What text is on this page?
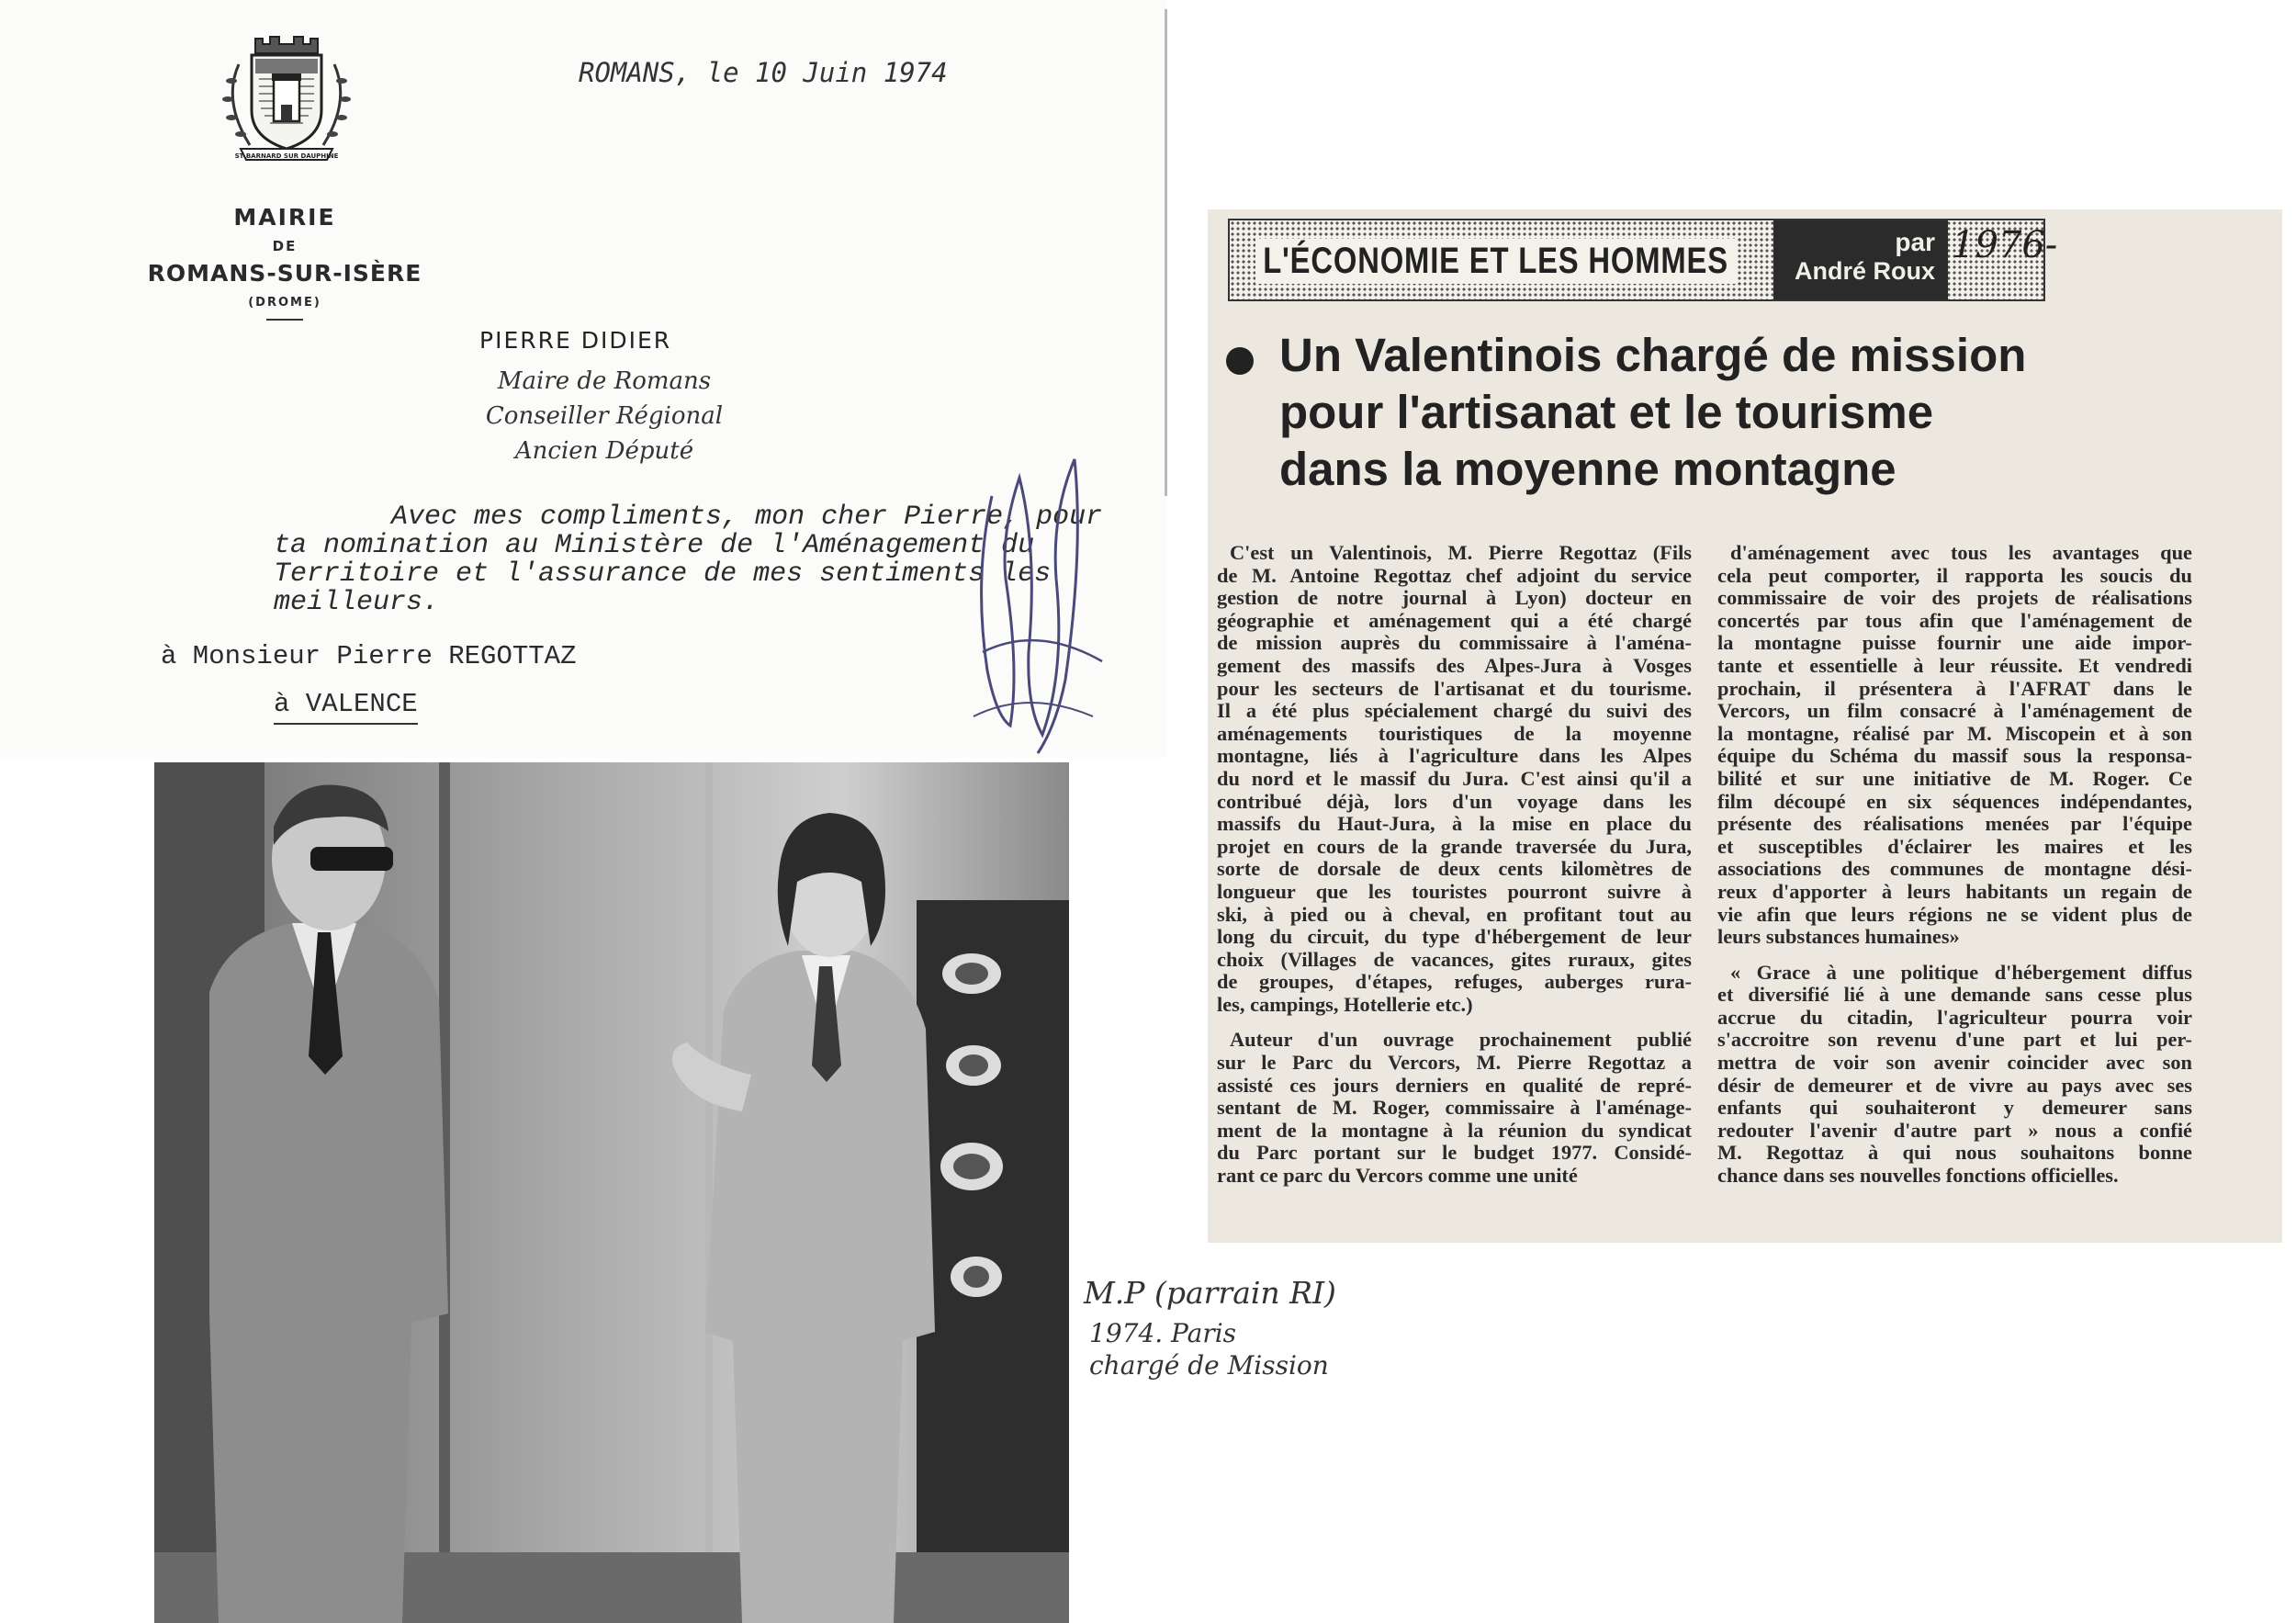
ST BARNARD SUR DAUPHINE
MAIRIE
DE
ROMANS-SUR-ISÈRE
(DROME)
ROMANS, le 10 Juin 1974
PIERRE DIDIER
Maire de Romans
Conseiller Régional
Ancien Député
Avec mes compliments, mon cher Pierre, pour
ta nomination au Ministère de l'Aménagement du
Territoire et l'assurance de mes sentiments les
meilleurs.
à Monsieur Pierre REGOTTAZ
à VALENCE
M.P (parrain RI)
1974. Paris
chargé de Mission
L'ÉCONOMIE ET LES HOMMES	par
André Roux
1976-
Un Valentinois chargé de mission
pour l'artisanat et le tourisme
dans la moyenne montagne
C'est un Valentinois, M. Pierre Regottaz (Fils
de M. Antoine Regottaz chef adjoint du service
gestion de notre journal à Lyon) docteur en
géographie et aménagement qui a été chargé
de mission auprès du commissaire à l'aména-
gement des massifs des Alpes-Jura à Vosges
pour les secteurs de l'artisanat et du tourisme.
Il a été plus spécialement chargé du suivi des
aménagements touristiques de la moyenne
montagne, liés à l'agriculture dans les Alpes
du nord et le massif du Jura. C'est ainsi qu'il a
contribué déjà, lors d'un voyage dans les
massifs du Haut-Jura, à la mise en place du
projet en cours de la grande traversée du Jura,
sorte de dorsale de deux cents kilomètres de
longueur que les touristes pourront suivre à
ski, à pied ou à cheval, en profitant tout au
long du circuit, du type d'hébergement de leur
choix (Villages de vacances, gites ruraux, gites
de groupes, d'étapes, refuges, auberges rura-
les, campings, Hotellerie etc.)
Auteur d'un ouvrage prochainement publié
sur le Parc du Vercors, M. Pierre Regottaz a
assisté ces jours derniers en qualité de repré-
sentant de M. Roger, commissaire à l'aménage-
ment de la montagne à la réunion du syndicat
du Parc portant sur le budget 1977. Considé-
rant ce parc du Vercors comme une unité
d'aménagement avec tous les avantages que
cela peut comporter, il rapporta les soucis du
commissaire de voir des projets de réalisations
concertés par tous afin que l'aménagement de
la montagne puisse fournir une aide impor-
tante et essentielle à leur réussite. Et vendredi
prochain, il présentera à l'AFRAT dans le
Vercors, un film consacré à l'aménagement de
la montagne, réalisé par M. Miscopein et à son
équipe du Schéma du massif sous la responsa-
bilité et sur une initiative de M. Roger. Ce
film découpé en six séquences indépendantes,
présente des réalisations menées par l'équipe
et susceptibles d'éclairer les maires et les
associations des communes de montagne dési-
reux d'apporter à leurs habitants un regain de
vie afin que leurs régions ne se vident plus de
leurs substances humaines»
« Grace à une politique d'hébergement diffus
et diversifié lié à une demande sans cesse plus
accrue du citadin, l'agriculteur pourra voir
s'accroitre son revenu d'une part et lui per-
mettra de voir son avenir coincider avec son
désir de demeurer et de vivre au pays avec ses
enfants qui souhaiteront y demeurer sans
redouter l'avenir d'autre part » nous a confié
M. Regottaz à qui nous souhaitons bonne
chance dans ses nouvelles fonctions officielles.
